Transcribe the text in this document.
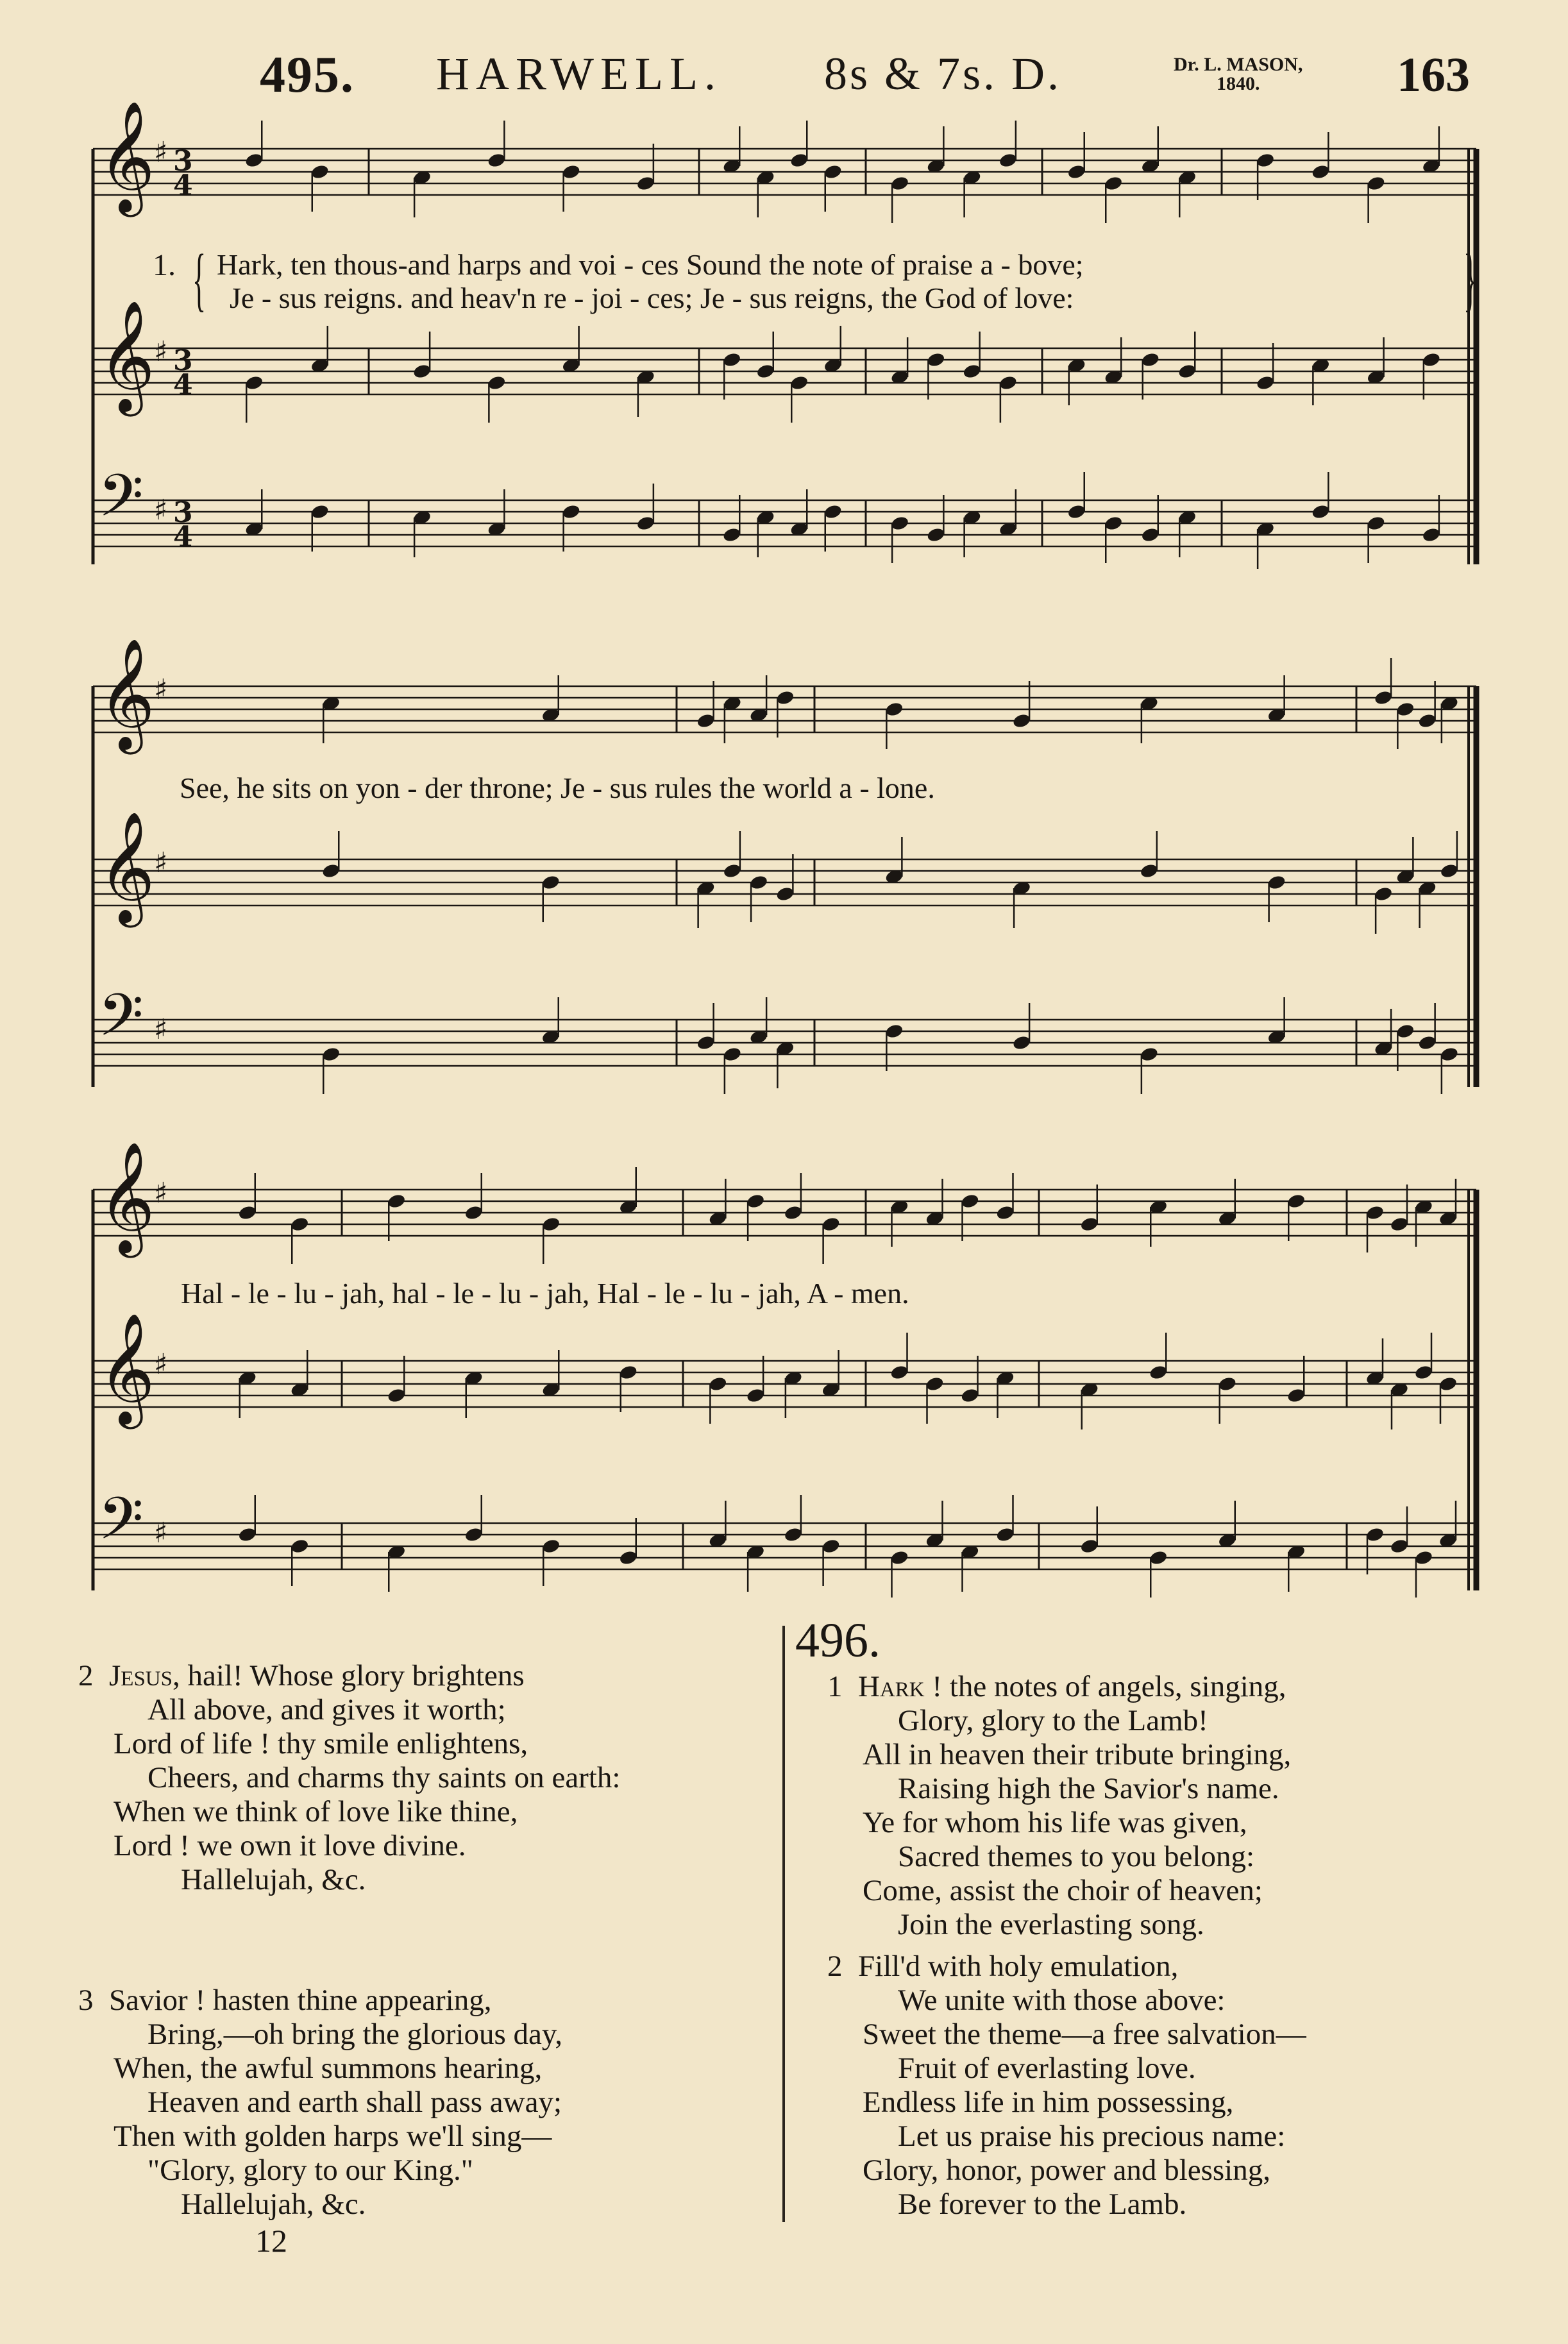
495. HARWELL. 8s & 7s. D.	Dr. L. MASON,
1840.	163
𝄞
♯ 3
4
𝄞
♯ 3
4
𝄢 ♯ 3
4
𝄞
♯
𝄞
♯
𝄢 ♯
𝄞
♯
𝄞
♯
𝄢 ♯
1. { Hark, ten thous-and harps and voi - ces Sound the note of praise a - bove;
Je - sus reigns. and heav'n re - joi - ces; Je - sus reigns, the God of love:	}
See, he sits on yon - der throne; Je - sus rules the world a - lone.
Hal - le - lu - jah, hal - le - lu - jah, Hal - le - lu - jah, A - men.
2 Jesus, hail! Whose glory brightens
All above, and gives it worth;
Lord of life ! thy smile enlightens,
Cheers, and charms thy saints on earth:
When we think of love like thine,
Lord ! we own it love divine.
Hallelujah, &c.
3 Savior ! hasten thine appearing,
Bring,—oh bring the glorious day,
When, the awful summons hearing,
Heaven and earth shall pass away;
Then with golden harps we'll sing—
"Glory, glory to our King."
Hallelujah, &c.
496.
1 Hark ! the notes of angels, singing,
Glory, glory to the Lamb!
All in heaven their tribute bringing,
Raising high the Savior's name.
Ye for whom his life was given,
Sacred themes to you belong:
Come, assist the choir of heaven;
Join the everlasting song.
2 Fill'd with holy emulation,
We unite with those above:
Sweet the theme—a free salvation—
Fruit of everlasting love.
Endless life in him possessing,
Let us praise his precious name:
Glory, honor, power and blessing,
Be forever to the Lamb.
12
